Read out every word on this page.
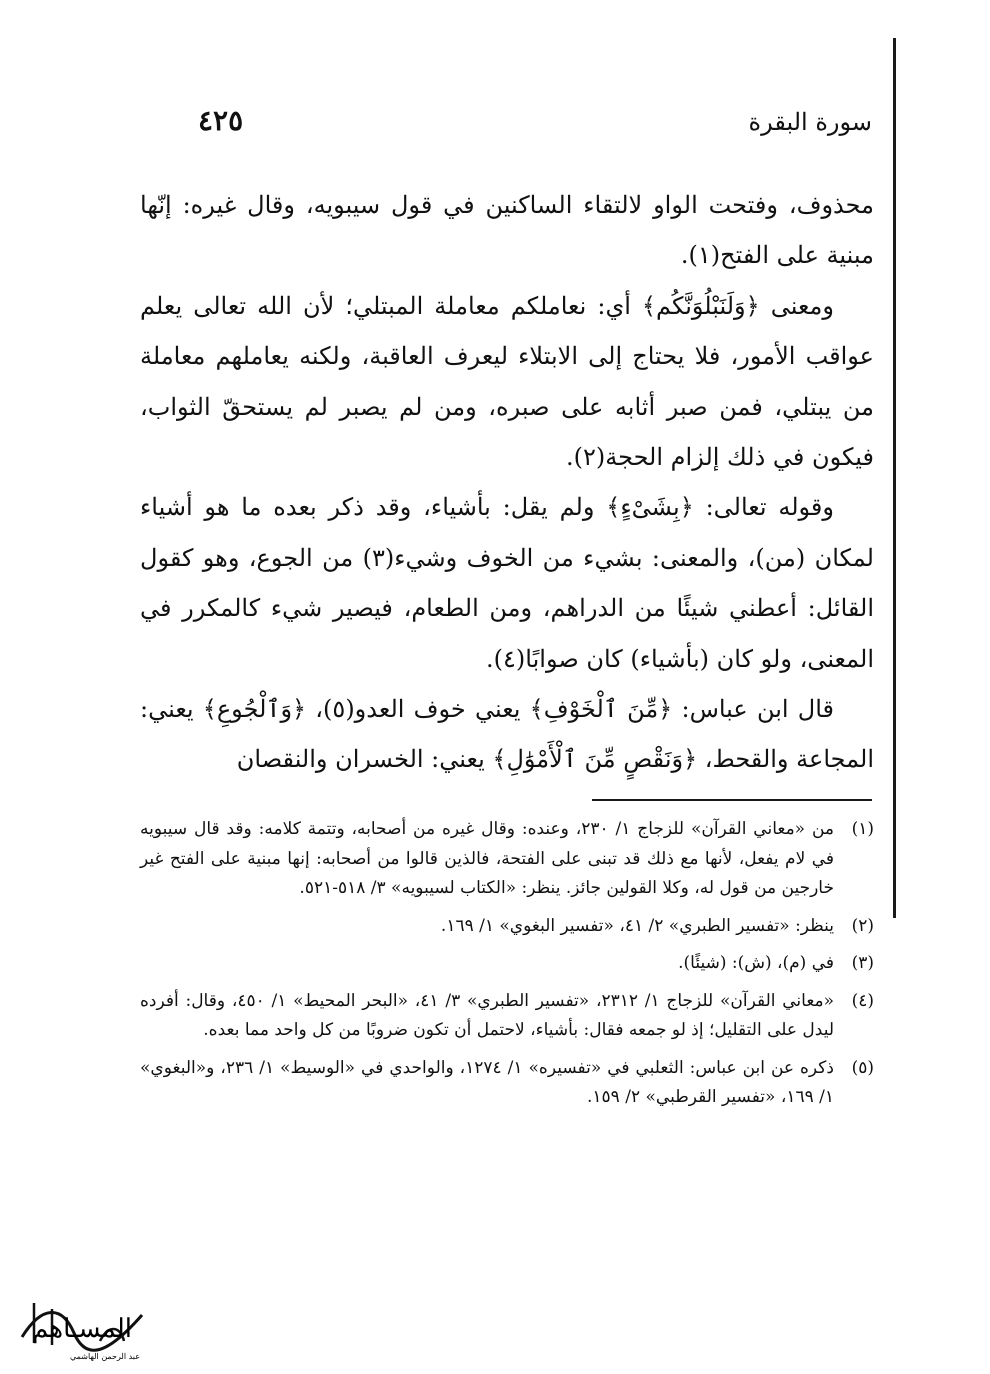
سورة البقرة
٤٢٥

محذوف، وفتحت الواو لالتقاء الساكنين في قول سيبويه، وقال غيره: إنّها مبنية على الفتح(١).

ومعنى ﴿وَلَنَبْلُوَنَّكُم﴾ أي: نعاملكم معاملة المبتلي؛ لأن الله تعالى يعلم عواقب الأمور، فلا يحتاج إلى الابتلاء ليعرف العاقبة، ولكنه يعاملهم معاملة من يبتلي، فمن صبر أثابه على صبره، ومن لم يصبر لم يستحقّ الثواب، فيكون في ذلك إلزام الحجة(٢).

وقوله تعالى: ﴿بِشَىْءٍ﴾ ولم يقل: بأشياء، وقد ذكر بعده ما هو أشياء لمكان (من)، والمعنى: بشيء من الخوف وشيء(٣) من الجوع، وهو كقول القائل: أعطني شيئًا من الدراهم، ومن الطعام، فيصير شيء كالمكرر في المعنى، ولو كان (بأشياء) كان صوابًا(٤).

قال ابن عباس: ﴿مِّنَ ٱلْخَوْفِ﴾ يعني خوف العدو(٥)، ﴿وَٱلْجُوعِ﴾ يعني: المجاعة والقحط، ﴿وَنَقْصٍ مِّنَ ٱلْأَمْوَٰلِ﴾ يعني: الخسران والنقصان

(١)
من «معاني القرآن» للزجاج ١/ ٢٣٠، وعنده: وقال غيره من أصحابه، وتتمة كلامه: وقد قال سيبويه في لام يفعل، لأنها مع ذلك قد تبنى على الفتحة، فالذين قالوا من أصحابه: إنها مبنية على الفتح غير خارجين من قول له، وكلا القولين جائز. ينظر: «الكتاب لسيبويه» ٣/ ٥١٨-٥٢١.
(٢)
ينظر: «تفسير الطبري» ٢/ ٤١، «تفسير البغوي» ١/ ١٦٩.
(٣)
في (م)، (ش): (شيئًا).
(٤)
«معاني القرآن» للزجاج ١/ ٢٣١٢، «تفسير الطبري» ٣/ ٤١، «البحر المحيط» ١/ ٤٥٠، وقال: أفرده ليدل على التقليل؛ إذ لو جمعه فقال: بأشياء، لاحتمل أن تكون ضروبًا من كل واحد مما بعده.
(٥)
ذكره عن ابن عباس: الثعلبي في «تفسيره» ١/ ١٢٧٤، والواحدي في «الوسيط» ١/ ٢٣٦، و«البغوي» ١/ ١٦٩، «تفسير القرطبي» ٢/ ١٥٩.
المسـاهم
عبد الرحمن الهاشمي
